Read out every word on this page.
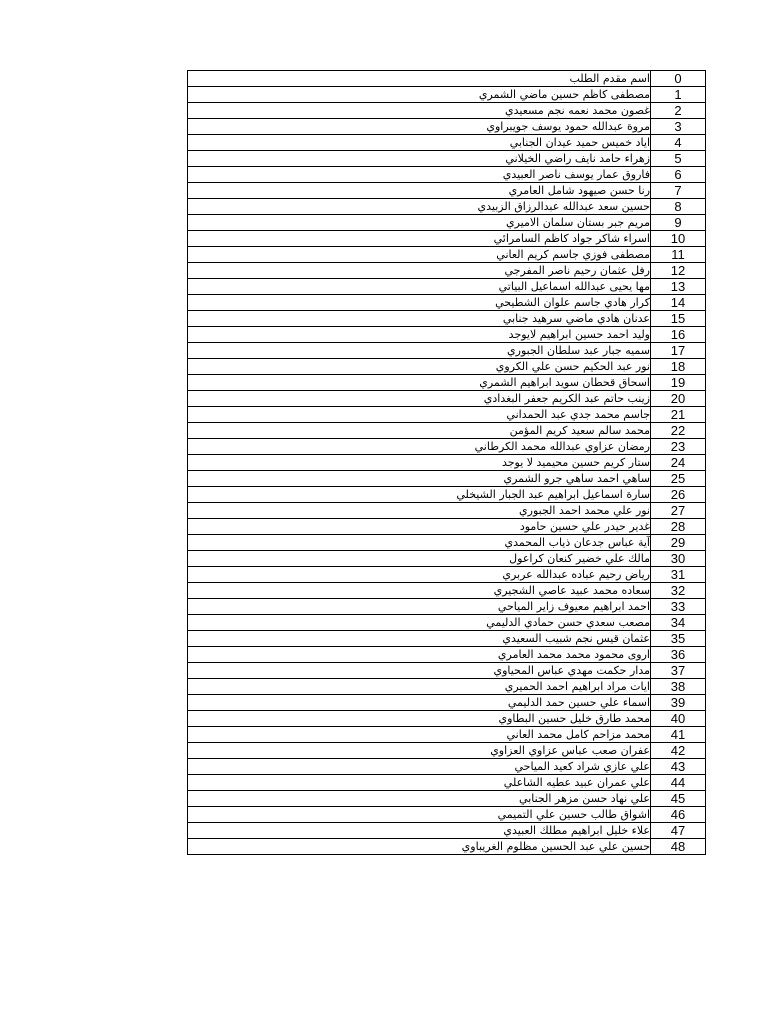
اسم مقدم الطلب	0
مصطفى كاظم حسين ماضي الشمري	1
غصون محمد نعمه نجم مسعيدي	2
مروة عبدالله حمود يوسف جويبراوي	3
اياد خميس حميد عيدان الجنابي	4
زهراء حامد نايف راضي الخيلاني	5
فاروق عمار يوسف ناصر العبيدي	6
رنا حسن صيهود شامل العامري	7
حسين سعد عبدالله عبدالرزاق الزبيدي	8
مريم جبر بستان سلمان الاميري	9
اسراء شاكر جواد كاظم السامرائي	10
مصطفى فوزي جاسم كريم العاني	11
رفل عثمان رحيم ناصر المفرجي	12
مها يحيى عبدالله اسماعيل البياتي	13
كرار هادي جاسم علوان الشطيحي	14
عدنان هادي ماضي سرهيد جنابي	15
وليد احمد حسين ابراهيم لايوجد	16
سميه جبار عبد سلطان الجبوري	17
نور عبد الحكيم حسن علي الكروي	18
اسحاق قحطان سويد ابراهيم الشمري	19
زينب حاتم عبد الكريم جعفر البغدادي	20
جاسم محمد جدي عبد الحمداني	21
محمد سالم سعيد كريم المؤمن	22
رمضان عزاوي عبدالله محمد الكرطاني	23
ستار كريم حسين محيميد لا يوجد	24
ساهي احمد ساهي جرو الشمري	25
سارة اسماعيل ابراهيم عبد الجبار الشيخلي	26
نور علي محمد احمد الجبوري	27
غدير حيدر علي حسين حامود	28
آية عباس جدعان ذياب المحمدي	29
مالك علي خضير كنعان كراعول	30
رياض رحيم عباده عبدالله عربري	31
سعاده محمد عبيد عاصي الشجيري	32
احمد ابراهيم معيوف زاير المياحي	33
مصعب سعدي حسن حمادي الدليمي	34
عثمان قيس نجم شبيب السعيدي	35
اروى محمود محمد محمد العامري	36
مدار حكمت مهدي عباس المحياوي	37
ايات مراد ابراهيم احمد الحميري	38
اسماء علي حسين حمد الدليمي	39
محمد طارق خليل حسين البطاوي	40
محمد مزاحم كامل محمد العاني	41
عفران صعب عباس عزاوي العزاوي	42
علي عازي شراد كعيد المياحي	43
علي عمران عبيد عطيه الشاعلي	44
علي نهاد حسن مزهر الجنابي	45
اشواق طالب حسين علي التميمي	46
علاء خليل ابراهيم مطلك العبيدي	47
حسين علي عبد الحسين مظلوم الغريباوي	48
